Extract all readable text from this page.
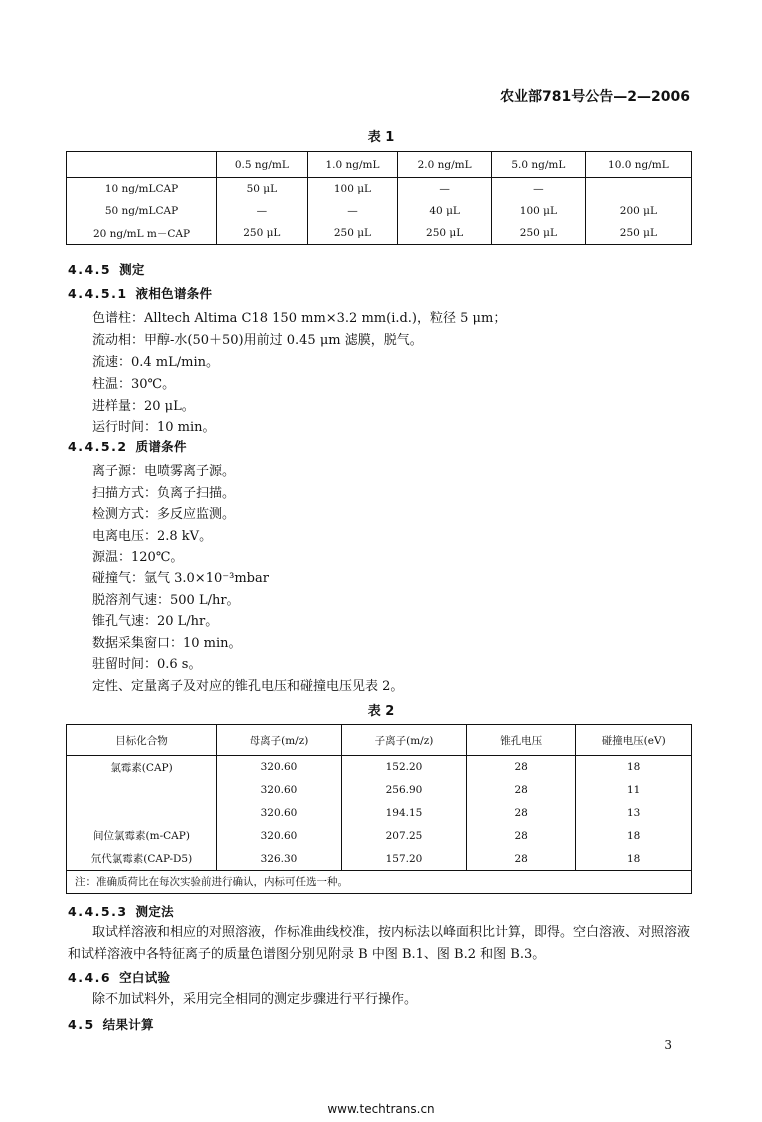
农业部781号公告—2—2006
表 1
	0.5 ng/mL	1.0 ng/mL	2.0 ng/mL	5.0 ng/mL	10.0 ng/mL
10 ng/mLCAP	50 μL	100 μL	—	—	
50 ng/mLCAP	—	—	40 μL	100 μL	200 μL
20 ng/mL m－CAP	250 μL	250 μL	250 μL	250 μL	250 μL
4.4.5 测定
4.4.5.1 液相色谱条件
色谱柱：Alltech Altima C18 150 mm×3.2 mm(i.d.)，粒径 5 μm；
流动相：甲醇-水(50＋50)用前过 0.45 μm 滤膜，脱气。
流速：0.4 mL/min。
柱温：30℃。
进样量：20 μL。
运行时间：10 min。
4.4.5.2 质谱条件
离子源：电喷雾离子源。
扫描方式：负离子扫描。
检测方式：多反应监测。
电离电压：2.8 kV。
源温：120℃。
碰撞气：氩气 3.0×10⁻³mbar
脱溶剂气速：500 L/hr。
锥孔气速：20 L/hr。
数据采集窗口：10 min。
驻留时间：0.6 s。
定性、定量离子及对应的锥孔电压和碰撞电压见表 2。
表 2
目标化合物	母离子(m/z)	子离子(m/z)	锥孔电压	碰撞电压(eV)
氯霉素(CAP)	320.60	152.20	28	18
	320.60	256.90	28	11
	320.60	194.15	28	13
间位氯霉素(m-CAP)	320.60	207.25	28	18
氘代氯霉素(CAP-D5)	326.30	157.20	28	18
注：准确质荷比在每次实验前进行确认，内标可任选一种。				
4.4.5.3 测定法
取试样溶液和相应的对照溶液，作标准曲线校准，按内标法以峰面积比计算，即得。空白溶液、对照溶液和试样溶液中各特征离子的质量色谱图分别见附录 B 中图 B.1、图 B.2 和图 B.3。
4.4.6 空白试验
除不加试料外，采用完全相同的测定步骤进行平行操作。
4.5 结果计算
3
www.techtrans.cn
